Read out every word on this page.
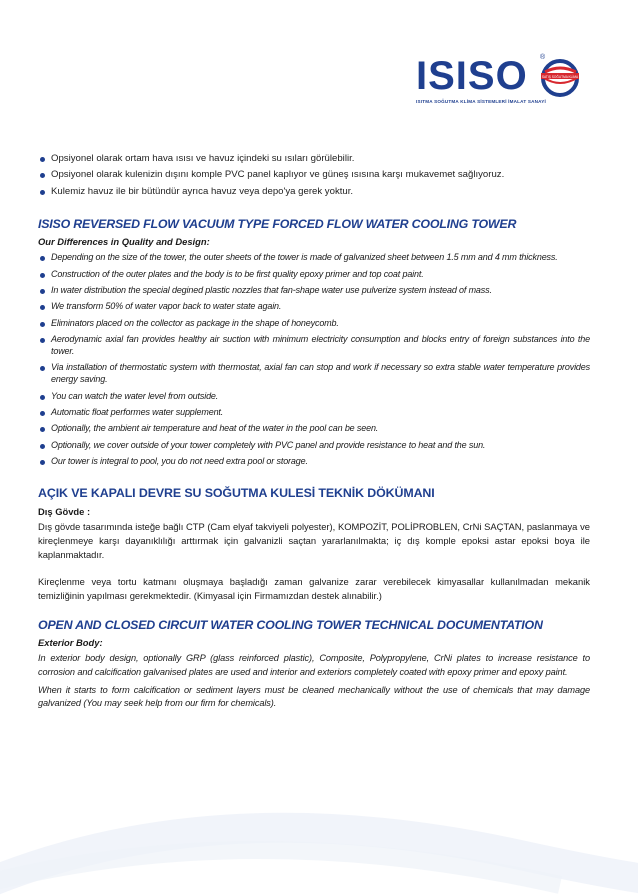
ISISO	SATIŞ SOĞUTMA KLİMA
®
ISITMA SOĞUTMA KLİMA SİSTEMLERİ İMALAT SANAYİ
Opsiyonel olarak ortam hava ısısı ve havuz içindeki su ısıları görülebilir.
Opsiyonel olarak kulenizin dışını komple PVC panel kaplıyor ve güneş ısısına karşı mukavemet sağlıyoruz.
Kulemiz havuz ile bir bütündür ayrıca havuz veya depo'ya gerek yoktur.
ISISO REVERSED FLOW VACUUM TYPE FORCED FLOW WATER COOLING TOWER

Our Differences in Quality and Design:

Depending on the size of the tower, the outer sheets of the tower is made of galvanized sheet between 1.5 mm and 4 mm thickness.
Construction of the outer plates and the body is to be first quality epoxy primer and top coat paint.
In water distribution the special degined plastic nozzles that fan-shape water use pulverize system instead of mass.
We transform 50% of water vapor back to water state again.
Eliminators placed on the collector as package in the shape of honeycomb.
Aerodynamic axial fan provides healthy air suction with minimum electricity consumption and blocks entry of foreign substances into the tower.
Via installation of thermostatic system with thermostat, axial fan can stop and work if necessary so extra stable water temperature provides energy saving.
You can watch the water level from outside.
Automatic float performes water supplement.
Optionally, the ambient air temperature and heat of the water in the pool can be seen.
Optionally, we cover outside of your tower completely with PVC panel and provide resistance to heat and the sun.
Our tower is integral to pool, you do not need extra pool or storage.
AÇIK VE KAPALI DEVRE SU SOĞUTMA KULESİ TEKNİK DÖKÜMANI

Dış Gövde :

Dış gövde tasarımında isteğe bağlı CTP (Cam elyaf takviyeli polyester), KOMPOZİT, POLİPROBLEN, CrNi SAÇTAN, paslanmaya ve kireçlenmeye karşı dayanıklılığı arttırmak için galvanizli saçtan yararlanılmakta; iç dış komple epoksi astar epoksi boya ile kaplanmaktadır.

Kireçlenme veya tortu katmanı oluşmaya başladığı zaman galvanize zarar verebilecek kimyasallar kullanılmadan mekanik temizliğinin yapılması gerekmektedir. (Kimyasal için Firmamızdan destek alınabilir.)

OPEN AND CLOSED CIRCUIT WATER COOLING TOWER TECHNICAL DOCUMENTATION

Exterior Body:

In exterior body design, optionally GRP (glass reinforced plastic), Composite, Polypropylene, CrNi plates to increase resistance to corrosion and calcification galvanised plates are used and interior and exteriors completely coated with epoxy primer and epoxy paint.

When it starts to form calcification or sediment layers must be cleaned mechanically without the use of chemicals that may damage galvanized (You may seek help from our firm for chemicals).
